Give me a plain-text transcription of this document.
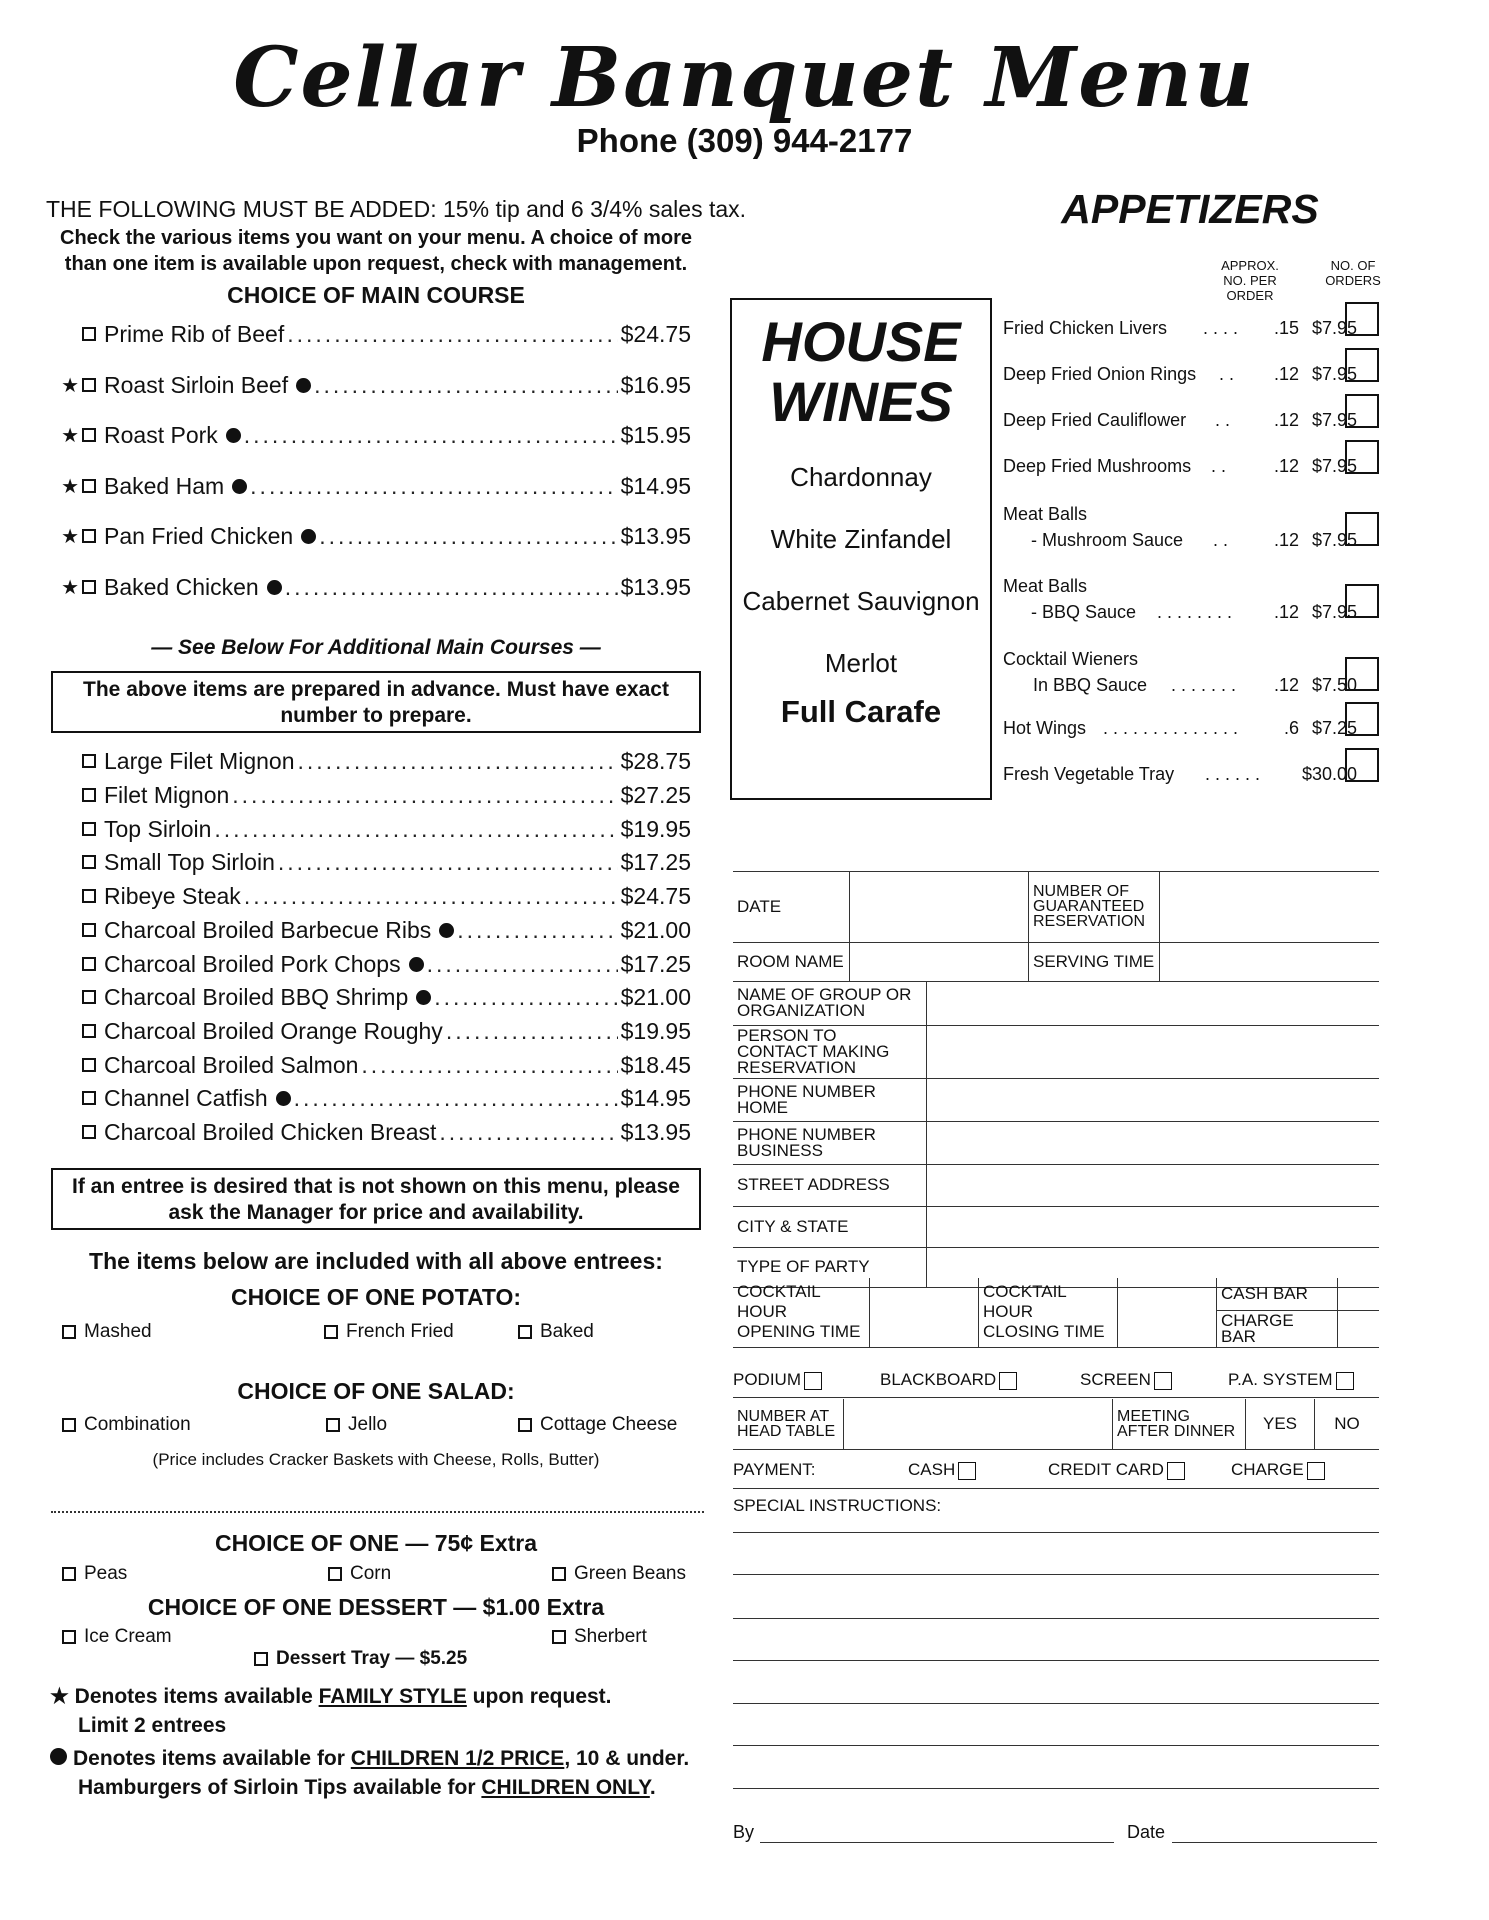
Cellar Banquet Menu
Phone (309) 944-2177
THE FOLLOWING MUST BE ADDED: 15% tip and 6 3/4% sales tax.
Check the various items you want on your menu. A choice of more than one item is available upon request, check with management.
CHOICE OF MAIN COURSE
Prime Rib of Beef .....	$24.75
★ Roast Sirloin Beef .....	$16.95
★ Roast Pork .....	$15.95
★ Baked Ham .....	$14.95
★ Pan Fried Chicken .....	$13.95
★ Baked Chicken .....	$13.95
— See Below For Additional Main Courses —
The above items are prepared in advance. Must have exact number to prepare.
Large Filet Mignon .....	$28.75
Filet Mignon .....	$27.25
Top Sirloin .....	$19.95
Small Top Sirloin .....	$17.25
Ribeye Steak .....	$24.75
Charcoal Broiled Barbecue Ribs .....	$21.00
Charcoal Broiled Pork Chops .....	$17.25
Charcoal Broiled BBQ Shrimp .....	$21.00
Charcoal Broiled Orange Roughy .....	$19.95
Charcoal Broiled Salmon .....	$18.45
Channel Catfish .....	$14.95
Charcoal Broiled Chicken Breast .....	$13.95
If an entree is desired that is not shown on this menu, please ask the Manager for price and availability.
The items below are included with all above entrees:
CHOICE OF ONE POTATO:
Mashed	French Fried	Baked
CHOICE OF ONE SALAD:
Combination	Jello	Cottage Cheese
(Price includes Cracker Baskets with Cheese, Rolls, Butter)
CHOICE OF ONE — 75¢ Extra
Peas	Corn	Green Beans
CHOICE OF ONE DESSERT — $1.00 Extra
Ice Cream	Sherbert
Dessert Tray — $5.25
★ Denotes items available FAMILY STYLE upon request.
Limit 2 entrees
Denotes items available for CHILDREN 1/2 PRICE, 10 & under.
Hamburgers of Sirloin Tips available for CHILDREN ONLY.
HOUSE
WINES
Chardonnay
White Zinfandel
Cabernet Sauvignon
Merlot
Full Carafe
APPETIZERS
APPROX. NO. PER ORDER
NO. OF ORDERS
Fried Chicken Livers . . . . .15 $7.95
Deep Fried Onion Rings . . .12 $7.95
Deep Fried Cauliflower . . .12 $7.95
Deep Fried Mushrooms . .	.12 $7.95
Meat Balls
- Mushroom Sauce . .	.12 $7.95
Meat Balls
- BBQ Sauce . . . . . . . . .12 $7.95
Cocktail Wieners
In BBQ Sauce . . . . . . . .12 $7.50
Hot Wings . . . . . . . . . . . . . .	.6 $7.25
Fresh Vegetable Tray . . . . . .	$30.00
DATE		NUMBER OF GUARANTEED RESERVATION	
ROOM NAME		SERVING TIME	
NAME OF GROUP OR ORGANIZATION	
PERSON TO CONTACT MAKING RESERVATION	
PHONE NUMBER HOME	
PHONE NUMBER BUSINESS	
STREET ADDRESS	
CITY & STATE	
TYPE OF PARTY	
COCKTAIL HOUR OPENING TIME		COCKTAIL HOUR CLOSING TIME		CASH BAR	
				CHARGE BAR	
PODIUM	BLACKBOARD	SCREEN	P.A. SYSTEM
NUMBER AT HEAD TABLE		MEETING AFTER DINNER	YES	NO
PAYMENT:	CASH	CREDIT CARD	CHARGE
SPECIAL INSTRUCTIONS:
By	Date
